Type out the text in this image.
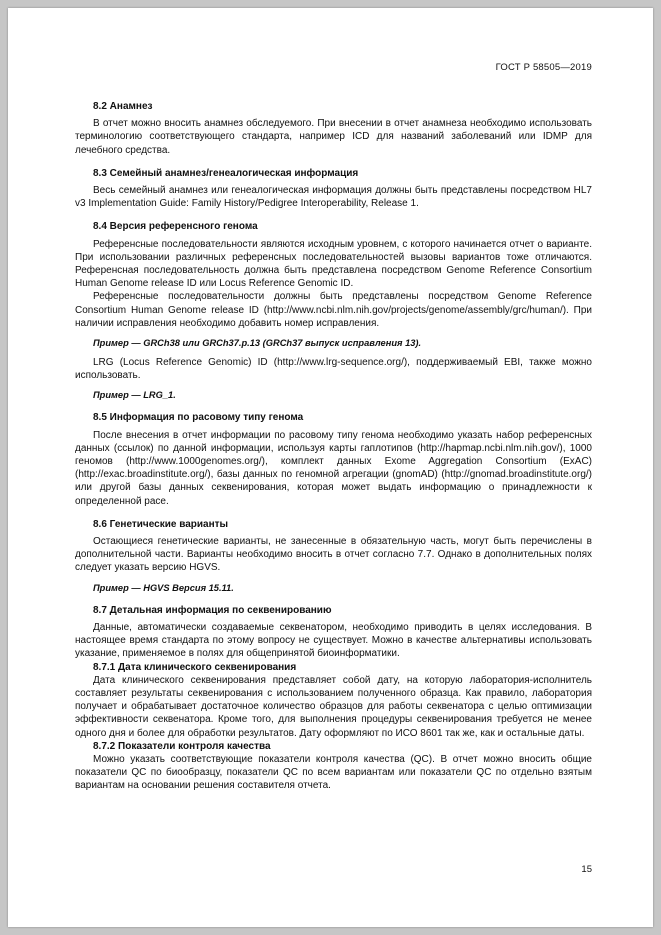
ГОСТ Р 58505—2019
8.2 Анамнез
В отчет можно вносить анамнез обследуемого. При внесении в отчет анамнеза необходимо использовать терминологию соответствующего стандарта, например ICD для названий заболеваний или IDMP для лечебного средства.
8.3 Семейный анамнез/генеалогическая информация
Весь семейный анамнез или генеалогическая информация должны быть представлены посредством HL7 v3 Implementation Guide: Family History/Pedigree Interoperability, Release 1.
8.4 Версия референсного генома
Референсные последовательности являются исходным уровнем, с которого начинается отчет о варианте. При использовании различных референсных последовательностей вызовы вариантов тоже отличаются. Референсная последовательность должна быть представлена посредством Genome Reference Consortium Human Genome release ID или Locus Reference Genomic ID.
Референсные последовательности должны быть представлены посредством Genome Reference Consortium Human Genome release ID (http://www.ncbi.nlm.nih.gov/projects/genome/assembly/grc/human/). При наличии исправления необходимо добавить номер исправления.
Пример — GRCh38 или GRCh37.p.13 (GRCh37 выпуск исправления 13).
LRG (Locus Reference Genomic) ID (http://www.lrg-sequence.org/), поддерживаемый EBI, также можно использовать.
Пример — LRG_1.
8.5 Информация по расовому типу генома
После внесения в отчет информации по расовому типу генома необходимо указать набор референсных данных (ссылок) по данной информации, используя карты гаплотипов (http://hapmap.ncbi.nlm.nih.gov/), 1000 геномов (http://www.1000genomes.org/), комплект данных Exome Aggregation Consortium (ExAC) (http://exac.broadinstitute.org/), базы данных по геномной агрегации (gnomAD) (http://gnomad.broadinstitute.org/) или другой базы данных секвенирования, которая может выдать информацию о принадлежности к определенной расе.
8.6 Генетические варианты
Остающиеся генетические варианты, не занесенные в обязательную часть, могут быть перечислены в дополнительной части. Варианты необходимо вносить в отчет согласно 7.7. Однако в дополнительных полях следует указать версию HGVS.
Пример — HGVS Версия 15.11.
8.7 Детальная информация по секвенированию
Данные, автоматически создаваемые секвенатором, необходимо приводить в целях исследования. В настоящее время стандарта по этому вопросу не существует. Можно в качестве альтернативы использовать указание, применяемое в полях для общепринятой биоинформатики.
8.7.1 Дата клинического секвенирования
Дата клинического секвенирования представляет собой дату, на которую лаборатория-исполнитель составляет результаты секвенирования с использованием полученного образца. Как правило, лаборатория получает и обрабатывает достаточное количество образцов для работы секвенатора с целью оптимизации эффективности секвенатора. Кроме того, для выполнения процедуры секвенирования требуется не менее одного дня и более для обработки результатов. Дату оформляют по ИСО 8601 так же, как и остальные даты.
8.7.2 Показатели контроля качества
Можно указать соответствующие показатели контроля качества (QC). В отчет можно вносить общие показатели QC по биообразцу, показатели QC по всем вариантам или показатели QC по отдельно взятым вариантам на основании решения составителя отчета.
15
